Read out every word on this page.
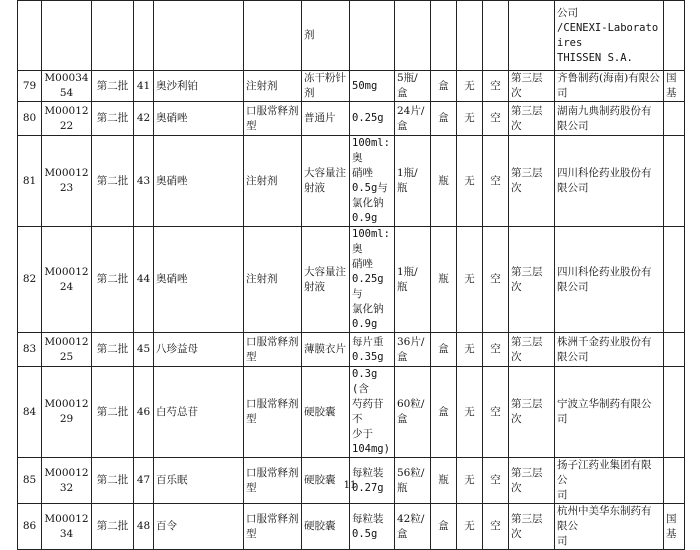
						剂							公司
/CENEXI-Laboratoires
THISSEN S.A.	
79	M0003454	第二批	41	奥沙利铂	注射剂	冻干粉针
剂	50mg	5瓶/盒	盒	无	空	第三层次	齐鲁制药(海南)有限公司	国基
80	M0001222	第二批	42	奥硝唑	口服常释剂
型	普通片	0.25g	24片/
盒	盒	无	空	第三层次	湖南九典制药股份有限公司	
81	M0001223	第二批	43	奥硝唑	注射剂	大容量注
射液	100ml:奥
硝唑
0.5g与
氯化钠
0.9g	1瓶/瓶	瓶	无	空	第三层次	四川科伦药业股份有限公司	
82	M0001224	第二批	44	奥硝唑	注射剂	大容量注
射液	100ml:奥
硝唑
0.25g与
氯化钠
0.9g	1瓶/瓶	瓶	无	空	第三层次	四川科伦药业股份有限公司	
83	M0001225	第二批	45	八珍益母	口服常释剂
型	薄膜衣片	每片重
0.35g	36片/
盒	盒	无	空	第三层次	株洲千金药业股份有限公司	
84	M0001229	第二批	46	白芍总苷	口服常释剂
型	硬胶囊	0.3g(含
芍药苷不
少于
104mg)	60粒/
盒	盒	无	空	第三层次	宁波立华制药有限公司	
85	M0001232	第二批	47	百乐眠	口服常释剂
型	硬胶囊	每粒装
0.27g	56粒/
瓶	瓶	无	空	第三层次	扬子江药业集团有限公
司	
86	M0001234	第二批	48	百令	口服常释剂
型	硬胶囊	每粒装
0.5g	42粒/
盒	盒	无	空	第三层次	杭州中美华东制药有限公
司	国基
11
